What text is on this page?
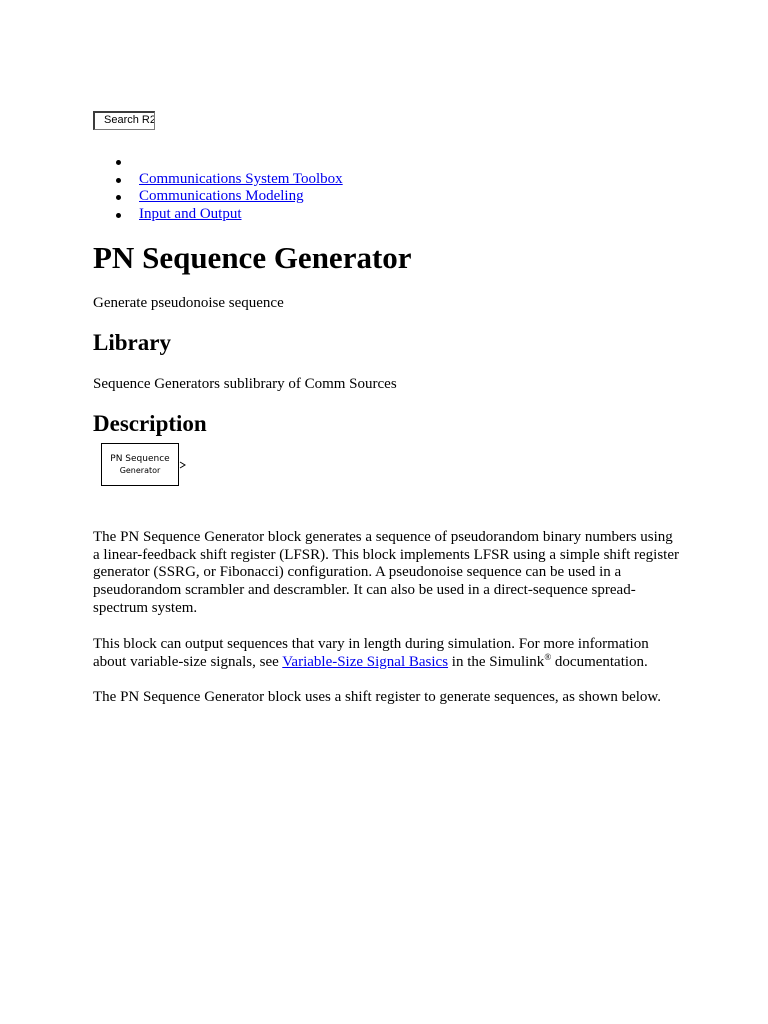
Search R2013b Documentation
Communications System Toolbox
Communications Modeling
Input and Output
PN Sequence Generator

Generate pseudonoise sequence

Library

Sequence Generators sublibrary of Comm Sources

Description
PN Sequence
Generator

The PN Sequence Generator block generates a sequence of pseudorandom binary numbers using a linear-feedback shift register (LFSR). This block implements LFSR using a simple shift register generator (SSRG, or Fibonacci) configuration. A pseudonoise sequence can be used in a pseudorandom scrambler and descrambler. It can also be used in a direct-sequence spread-spectrum system.

This block can output sequences that vary in length during simulation. For more information about variable-size signals, see Variable-Size Signal Basics in the Simulink® documentation.

The PN Sequence Generator block uses a shift register to generate sequences, as shown below.
